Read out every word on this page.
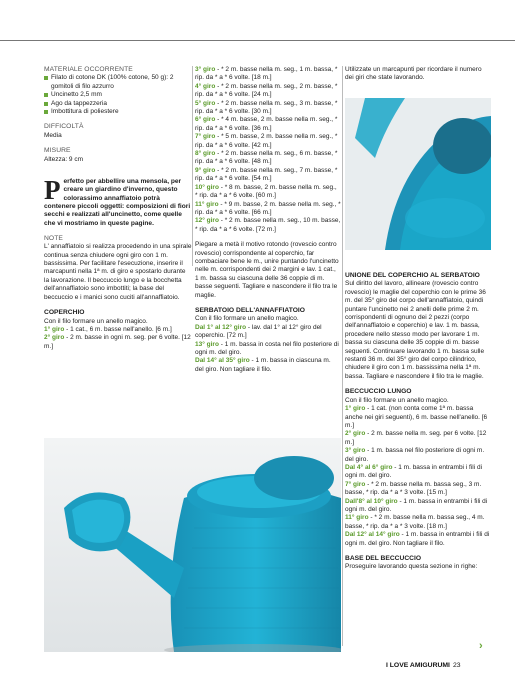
MATERIALE OCCORRENTE

Filato di cotone DK (100% cotone, 50 g): 2 gomitoli di filo azzurro
Uncinetto 2,5 mm
Ago da tappezzeria
Imbottitura di poliestere

DIFFICOLTÀ

Media

MISURE

Altezza: 9 cm

Perfetto per abbellire una mensola, per creare un giardino d'inverno, questo colorassimo annaffiatoio potrà contenere piccoli oggetti: composizioni di fiori secchi e realizzati all'uncinetto, come quelle che vi mostriamo in queste pagine.

NOTE

L' annaffiatoio si realizza procedendo in una spirale continua senza chiudere ogni giro con 1 m. bassissima. Per facilitare l'esecuzione, inserire il marcapunti nella 1ª m. di giro e spostarlo durante la lavorazione. Il beccuccio lungo e la bocchetta dell'annaffiatoio sono imbottiti; la base del beccuccio e i manici sono cuciti all'annaffiatoio.

COPERCHIO

Con il filo formare un anello magico.

1° giro - 1 cat., 6 m. basse nell'anello. [6 m.]

2° giro - 2 m. basse in ogni m. seg. per 6 volte. [12 m.]

3° giro - * 2 m. basse nella m. seg., 1 m. bassa, * rip. da * a * 6 volte. [18 m.]

4° giro - * 2 m. basse nella m. seg., 2 m. basse, * rip. da * a * 6 volte. [24 m.]

5° giro - * 2 m. basse nella m. seg., 3 m. basse, * rip. da * a * 6 volte. [30 m.]

6° giro - * 4 m. basse, 2 m. basse nella m. seg., * rip. da * a * 6 volte. [36 m.]

7° giro - * 5 m. basse, 2 m. basse nella m. seg., * rip. da * a * 6 volte. [42 m.]

8° giro - * 2 m. basse nella m. seg., 6 m. basse, * rip. da * a * 6 volte. [48 m.]

9° giro - * 2 m. basse nella m. seg., 7 m. basse, * rip. da * a * 6 volte. [54 m.]

10° giro - * 8 m. basse, 2 m. basse nella m. seg., * rip. da * a * 6 volte. [60 m.]

11° giro - * 9 m. basse, 2 m. basse nella m. seg., * rip. da * a * 6 volte. [66 m.]

12° giro - * 2 m. basse nella m. seg., 10 m. basse, * rip. da * a * 6 volte. [72 m.]

Piegare a metà il motivo rotondo (rovescio contro rovescio) corrispondente al coperchio, far combaciare bene le m., unire puntando l'uncinetto nelle m. corrispondenti dei 2 margini e lav. 1 cat., 1 m. bassa su ciascuna delle 36 coppie di m. basse seguenti. Tagliare e nascondere il filo tra le maglie.

SERBATOIO DELL'ANNAFFIATOIO

Con il filo formare un anello magico.

Dal 1° al 12° giro - lav. dal 1° al 12° giro del coperchio. [72 m.]

13° giro - 1 m. bassa in costa nel filo posteriore di ogni m. del giro.

Dal 14° al 35° giro - 1 m. bassa in ciascuna m. del giro. Non tagliare il filo.

Utilizzate un marcapunti per ricordare il numero dei giri che state lavorando.

UNIONE DEL COPERCHIO AL SERBATOIO

Sul diritto del lavoro, allineare (rovescio contro rovescio) le maglie del coperchio con le prime 36 m. del 35° giro del corpo dell'annaffiatoio, quindi puntare l'uncinetto nei 2 anelli delle prime 2 m. corrispondenti di ognuno dei 2 pezzi (corpo dell'annaffiatoio e coperchio) e lav. 1 m. bassa, procedere nello stesso modo per lavorare 1 m. bassa su ciascuna delle 35 coppie di m. basse seguenti. Continuare lavorando 1 m. bassa sulle restanti 36 m. del 35° giro del corpo cilindrico, chiudere il giro con 1 m. bassissima nella 1ª m. bassa. Tagliare e nascondere il filo tra le maglie.

BECCUCCIO LUNGO

Con il filo formare un anello magico.

1° giro - 1 cat. (non conta come 1ª m. bassa anche nei giri seguenti), 6 m. basse nell'anello. [6 m.]

2° giro - 2 m. basse nella m. seg. per 6 volte. [12 m.]

3° giro - 1 m. bassa nel filo posteriore di ogni m. del giro.

Dal 4° al 6° giro - 1 m. bassa in entrambi i fili di ogni m. del giro.

7° giro - * 2 m. basse nella m. bassa seg., 3 m. basse, * rip. da * a * 3 volte. [15 m.]

Dall'8° al 10° giro - 1 m. bassa in entrambi i fili di ogni m. del giro.

11° giro - * 2 m. basse nella m. bassa seg., 4 m. basse, * rip. da * a * 3 volte. [18 m.]

Dal 12° al 14° giro - 1 m. bassa in entrambi i fili di ogni m. del giro. Non tagliare il filo.

BASE DEL BECCUCCIO

Proseguire lavorando questa sezione in righe:

›
I LOVE AMIGURUMI 23
